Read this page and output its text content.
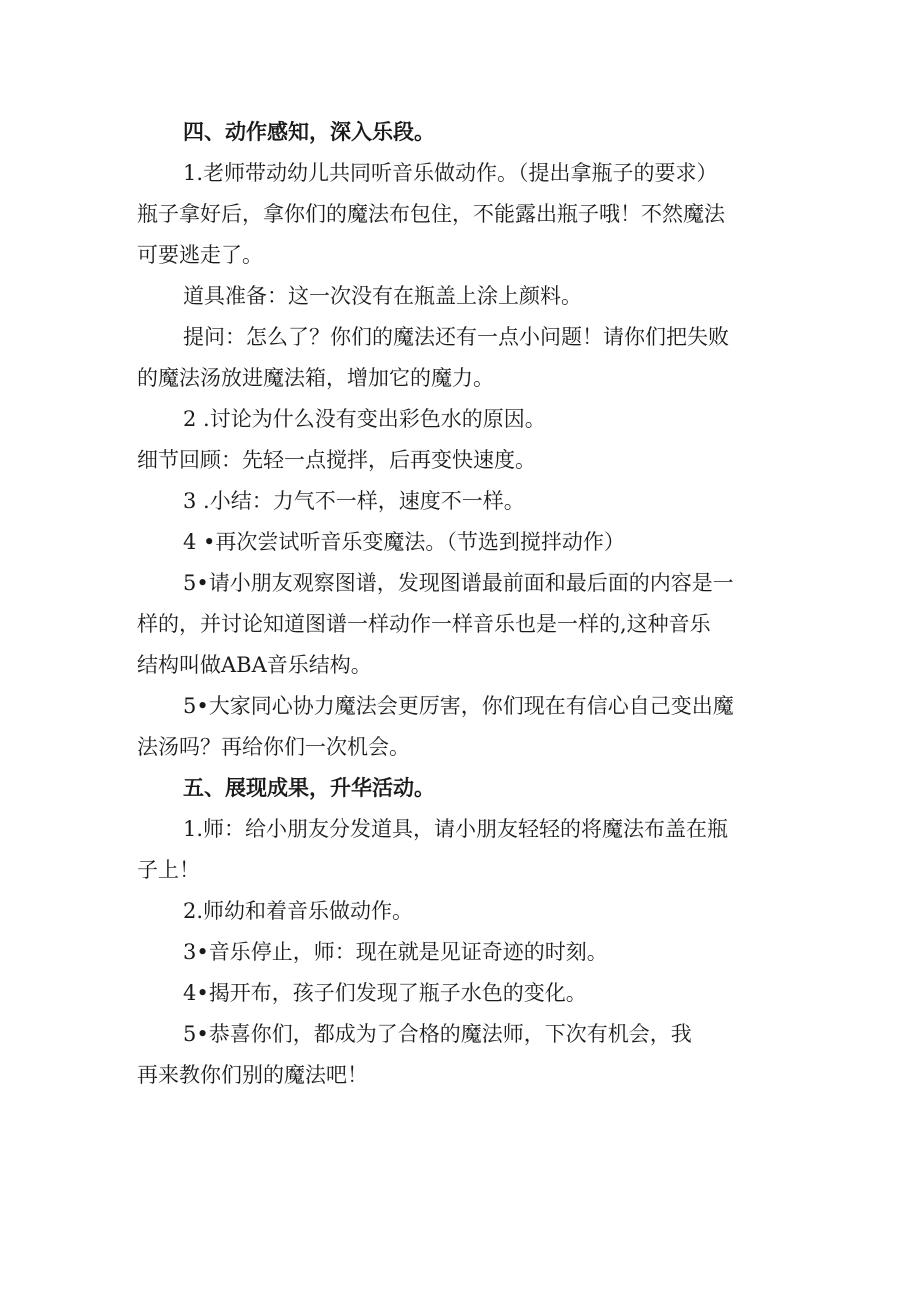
四、动作感知，深入乐段。

1.老师带动幼儿共同听音乐做动作。（提出拿瓶子的要求）

瓶子拿好后，拿你们的魔法布包住，不能露出瓶子哦！不然魔法
可要逃走了。

道具准备：这一次没有在瓶盖上涂上颜料。

提问：怎么了？你们的魔法还有一点小问题！请你们把失败

的魔法汤放进魔法箱，增加它的魔力。

2 .讨论为什么没有变出彩色水的原因。

细节回顾：先轻一点搅拌，后再变快速度。

3 .小结：力气不一样，速度不一样。

4 •再次尝试听音乐变魔法。（节选到搅拌动作）

5•请小朋友观察图谱，发现图谱最前面和最后面的内容是一

样的，并讨论知道图谱一样动作一样音乐也是一样的,这种音乐
结构叫做ABA音乐结构。

5•大家同心协力魔法会更厉害，你们现在有信心自己变出魔

法汤吗？再给你们一次机会。

五、展现成果，升华活动。

1.师：给小朋友分发道具，请小朋友轻轻的将魔法布盖在瓶

子上！

2.师幼和着音乐做动作。

3•音乐停止，师：现在就是见证奇迹的时刻。

4•揭开布，孩子们发现了瓶子水色的变化。

5•恭喜你们，都成为了合格的魔法师，下次有机会，我

再来教你们别的魔法吧！
